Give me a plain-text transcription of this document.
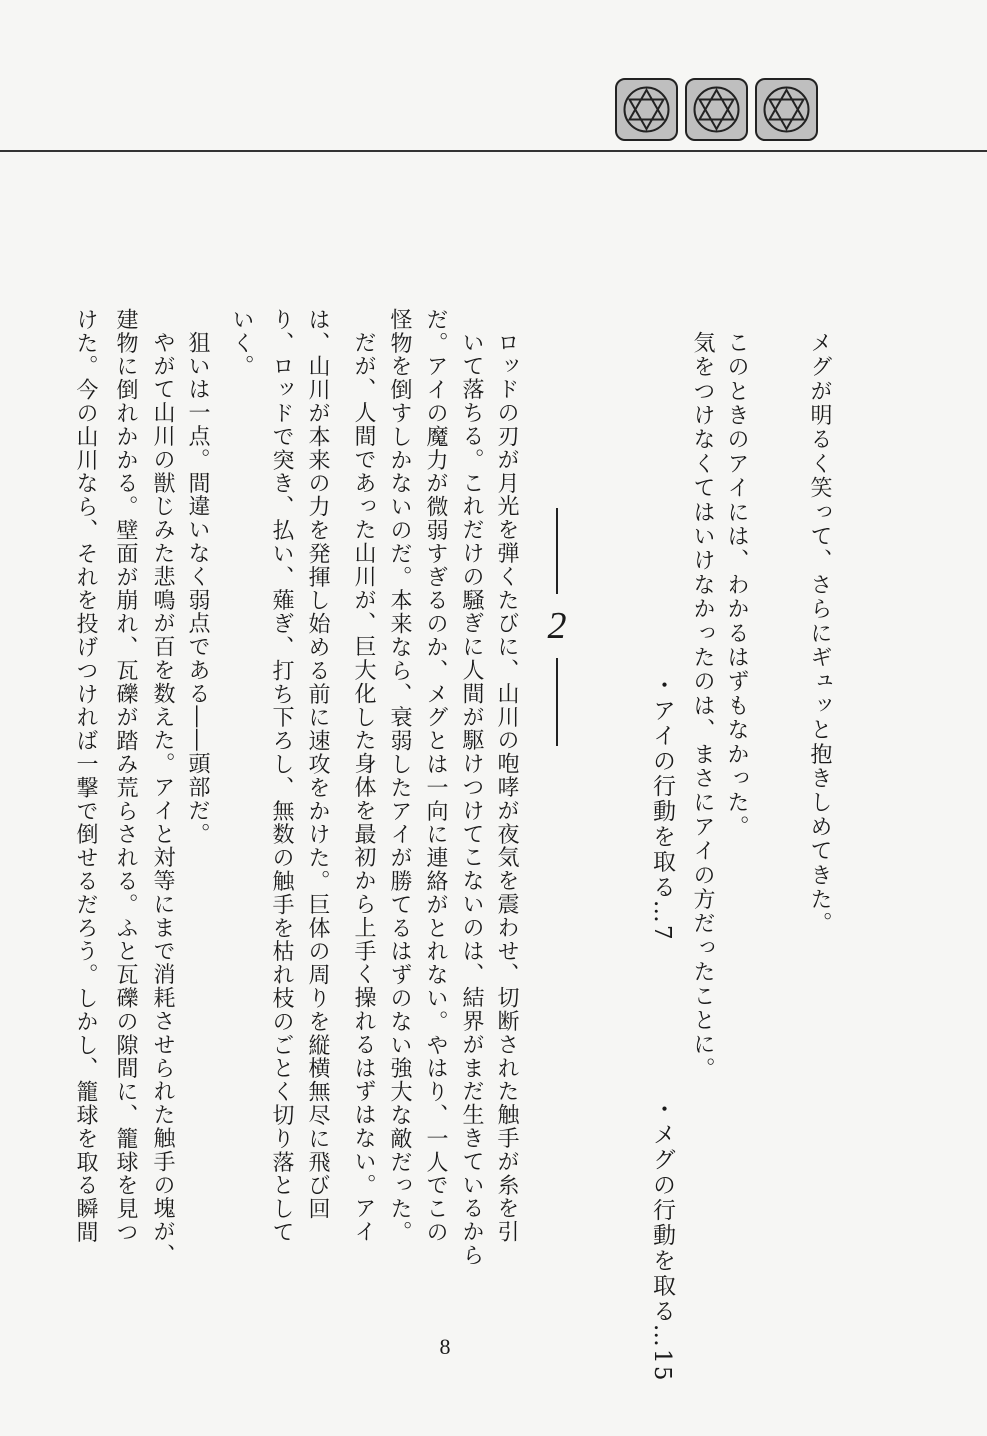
メグが明るく笑って、さらにギュッと抱きしめてきた。
このときのアイには、わかるはずもなかった。
気をつけなくてはいけなかったのは、まさにアイの方だったことに。
・アイの行動を取る…7
・メグの行動を取る…15
2
ロッドの刃が月光を弾くたびに、山川の咆哮が夜気を震わせ、切断された触手が糸を引
いて落ちる。これだけの騒ぎに人間が駆けつけてこないのは、結界がまだ生きているから
だ。アイの魔力が微弱すぎるのか、メグとは一向に連絡がとれない。やはり、一人でこの
怪物を倒すしかないのだ。本来なら、衰弱したアイが勝てるはずのない強大な敵だった。
だが、人間であった山川が、巨大化した身体を最初から上手く操れるはずはない。アイ
は、山川が本来の力を発揮し始める前に速攻をかけた。巨体の周りを縦横無尽に飛び回
り、ロッドで突き、払い、薙ぎ、打ち下ろし、無数の触手を枯れ枝のごとく切り落として
いく。
狙いは一点。間違いなく弱点である――頭部だ。
やがて山川の獣じみた悲鳴が百を数えた。アイと対等にまで消耗させられた触手の塊が、
建物に倒れかかる。壁面が崩れ、瓦礫が踏み荒らされる。ふと瓦礫の隙間に、籠球を見つ
けた。今の山川なら、それを投げつければ一撃で倒せるだろう。しかし、籠球を取る瞬間
8
